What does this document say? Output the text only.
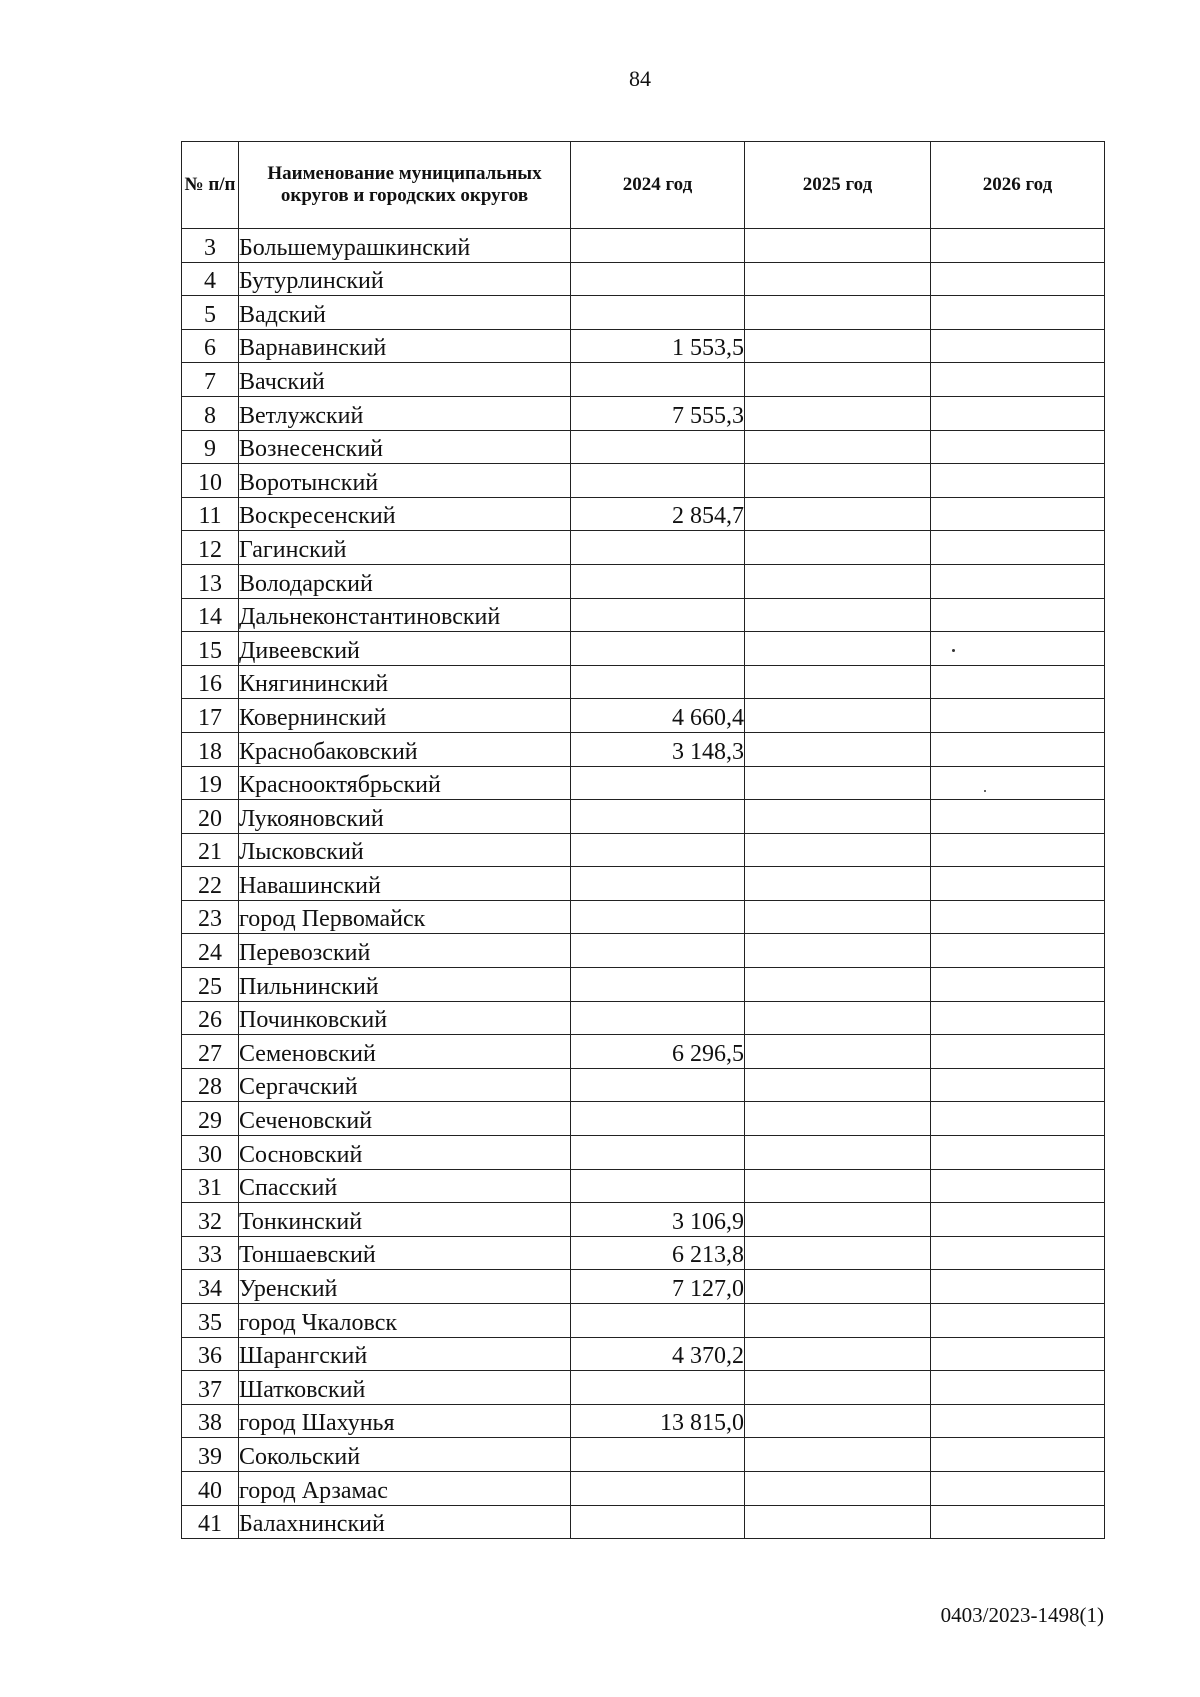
84
№ п/п	Наименование муниципальных округов и городских округов	2024 год	2025 год	2026 год
3	Большемурашкинский			
4	Бутурлинский			
5	Вадский			
6	Варнавинский	1 553,5		
7	Вачский			
8	Ветлужский	7 555,3		
9	Вознесенский			
10	Воротынский			
11	Воскресенский	2 854,7		
12	Гагинский			
13	Володарский			
14	Дальнеконстантиновский			
15	Дивеевский			
16	Княгининский			
17	Ковернинский	4 660,4		
18	Краснобаковский	3 148,3		
19	Краснооктябрьский			
20	Лукояновский			
21	Лысковский			
22	Навашинский			
23	город Первомайск			
24	Перевозский			
25	Пильнинский			
26	Починковский			
27	Семеновский	6 296,5		
28	Сергачский			
29	Сеченовский			
30	Сосновский			
31	Спасский			
32	Тонкинский	3 106,9		
33	Тоншаевский	6 213,8		
34	Уренский	7 127,0		
35	город Чкаловск			
36	Шарангский	4 370,2		
37	Шатковский			
38	город Шахунья	13 815,0		
39	Сокольский			
40	город Арзамас			
41	Балахнинский			
0403/2023-1498(1)
